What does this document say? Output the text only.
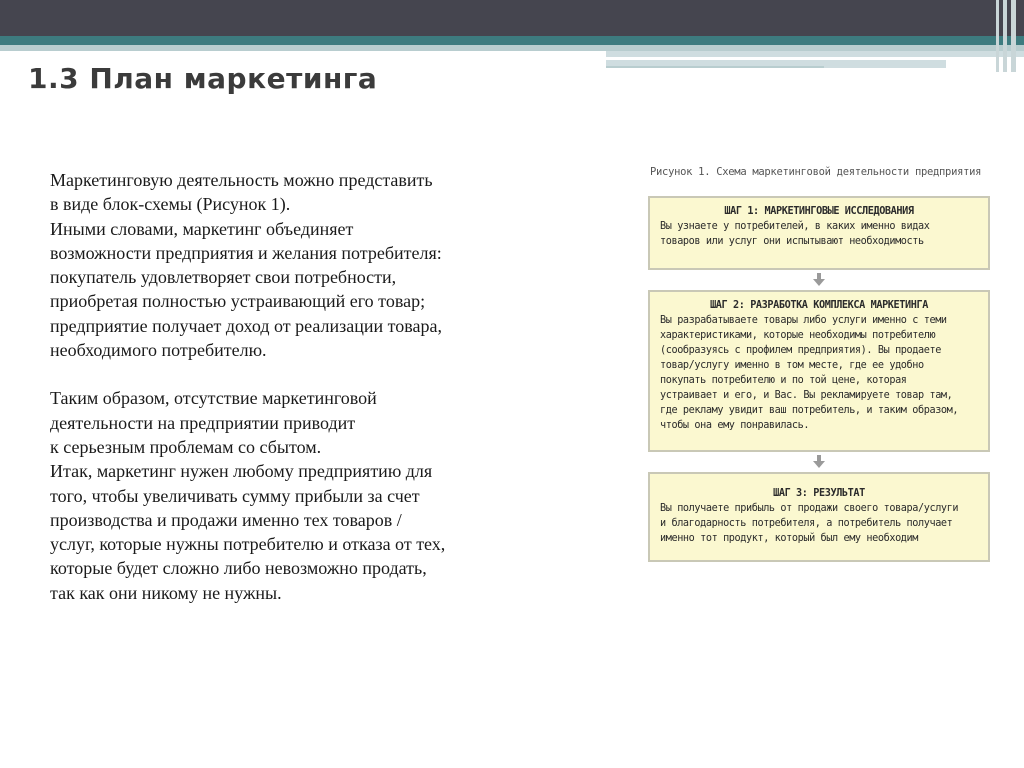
1.3 План маркетинга

Маркетинговую деятельность можно представить
в виде блок-схемы (Рисунок 1).
Иными словами, маркетинг объединяет
возможности предприятия и желания потребителя:
покупатель удовлетворяет свои потребности,
приобретая полностью устраивающий его товар;
предприятие получает доход от реализации товара,
необходимого потребителю.

Таким образом, отсутствие маркетинговой
деятельности на предприятии приводит
к серьезным проблемам со сбытом.
Итак, маркетинг нужен любому предприятию для
того, чтобы увеличивать сумму прибыли за счет
производства и продажи именно тех товаров /
услуг, которые нужны потребителю и отказа от тех,
которые будет сложно либо невозможно продать,
так как они никому не нужны.

Рисунок 1. Схема маркетинговой деятельности предприятия
ШАГ 1: МАРКЕТИНГОВЫЕ ИССЛЕДОВАНИЯ
Вы узнаете у потребителей, в каких именно видах
товаров или услуг они испытывают необходимость
ШАГ 2: РАЗРАБОТКА КОМПЛЕКСА МАРКЕТИНГА
Вы разрабатываете товары либо услуги именно с теми
характеристиками, которые необходимы потребителю
(сообразуясь с профилем предприятия). Вы продаете
товар/услугу именно в том месте, где ее удобно
покупать потребителю и по той цене, которая
устраивает и его, и Вас. Вы рекламируете товар там,
где рекламу увидит ваш потребитель, и таким образом,
чтобы она ему понравилась.
ШАГ 3: РЕЗУЛЬТАТ
Вы получаете прибыль от продажи своего товара/услуги
и благодарность потребителя, а потребитель получает
именно тот продукт, который был ему необходим
